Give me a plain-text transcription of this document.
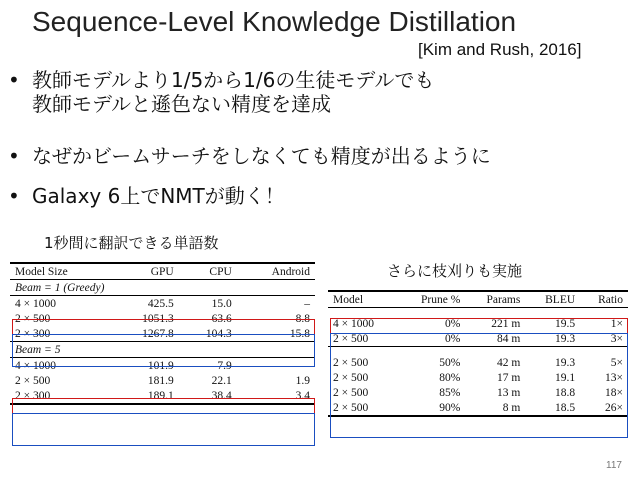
Sequence-Level Knowledge Distillation
[Kim and Rush, 2016]
• 教師モデルより1/5から1/6の生徒モデルでも
教師モデルと遜色ない精度を達成
• なぜかビームサーチをしなくても精度が出るように
• Galaxy 6上でNMTが動く！
1秒間に翻訳できる単語数
さらに枝刈りも実施
Model Size	GPU	CPU	Android
Beam = 1 (Greedy)			
4 × 1000	425.5	15.0	–
2 × 500	1051.3	63.6	8.8
2 × 300	1267.8	104.3	15.8
Beam = 5			
4 × 1000	101.9	7.9	–
2 × 500	181.9	22.1	1.9
2 × 300	189.1	38.4	3.4
Model	Prune %	Params	BLEU	Ratio

4 × 1000	0%	221 m	19.5	1×
2 × 500	0%	84 m	19.3	3×

2 × 500	50%	42 m	19.3	5×
2 × 500	80%	17 m	19.1	13×
2 × 500	85%	13 m	18.8	18×
2 × 500	90%	8 m	18.5	26×
117
